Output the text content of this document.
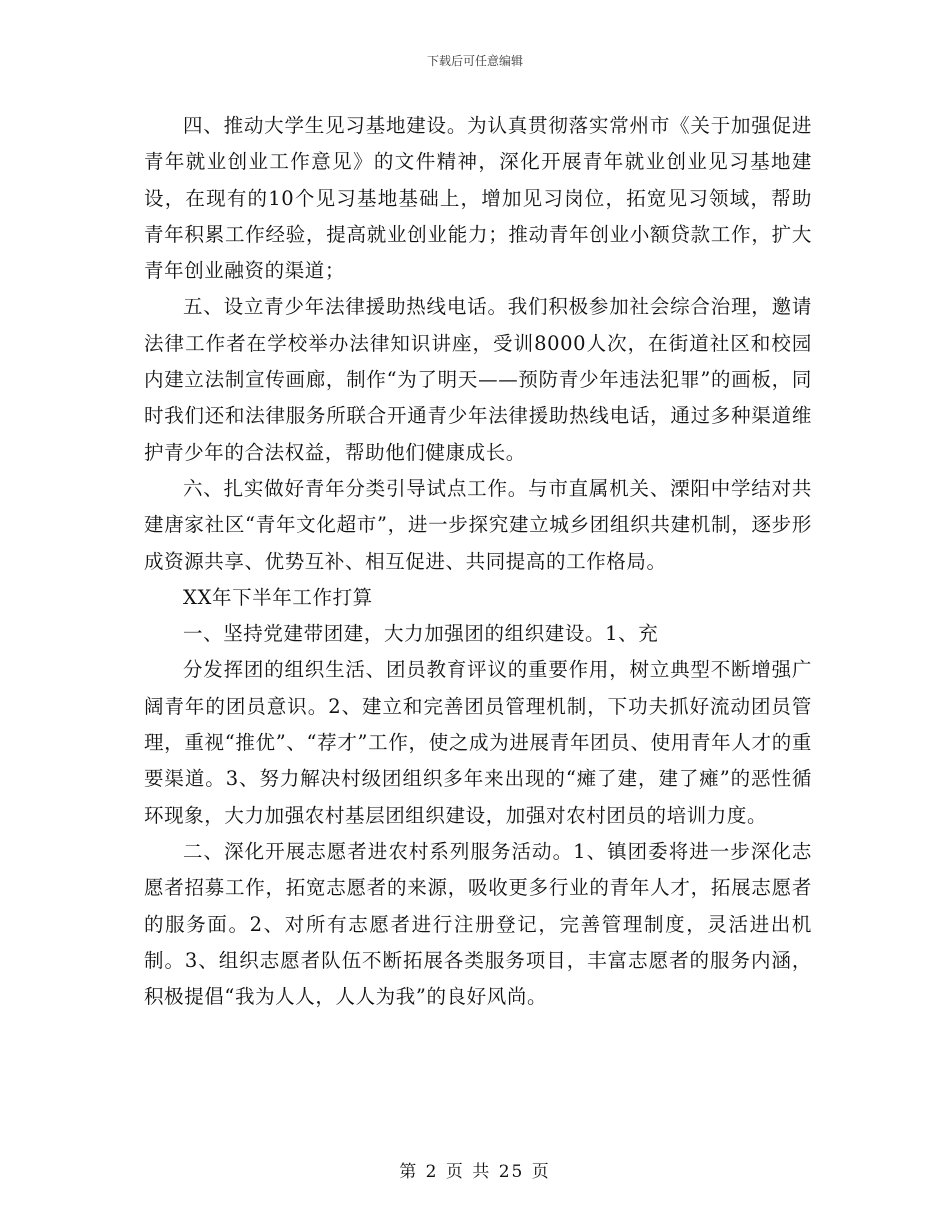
下载后可任意编辑

四、推动大学生见习基地建设。为认真贯彻落实常州市《关于加强促进青年就业创业工作意见》的文件精神，深化开展青年就业创业见习基地建设，在现有的10个见习基地基础上，增加见习岗位，拓宽见习领域，帮助青年积累工作经验，提高就业创业能力；推动青年创业小额贷款工作，扩大青年创业融资的渠道；

五、设立青少年法律援助热线电话。我们积极参加社会综合治理，邀请法律工作者在学校举办法律知识讲座，受训8000人次，在街道社区和校园内建立法制宣传画廊，制作“为了明天——预防青少年违法犯罪”的画板，同时我们还和法律服务所联合开通青少年法律援助热线电话，通过多种渠道维护青少年的合法权益，帮助他们健康成长。

六、扎实做好青年分类引导试点工作。与市直属机关、溧阳中学结对共建唐家社区“青年文化超市”，进一步探究建立城乡团组织共建机制，逐步形成资源共享、优势互补、相互促进、共同提高的工作格局。

XX年下半年工作打算

一、坚持党建带团建，大力加强团的组织建设。1、充

分发挥团的组织生活、团员教育评议的重要作用，树立典型不断增强广阔青年的团员意识。2、建立和完善团员管理机制，下功夫抓好流动团员管理，重视“推优”、“荐才”工作，使之成为进展青年团员、使用青年人才的重要渠道。3、努力解决村级团组织多年来出现的“瘫了建，建了瘫”的恶性循环现象，大力加强农村基层团组织建设，加强对农村团员的培训力度。

二、深化开展志愿者进农村系列服务活动。1、镇团委将进一步深化志愿者招募工作，拓宽志愿者的来源，吸收更多行业的青年人才，拓展志愿者的服务面。2、对所有志愿者进行注册登记，完善管理制度，灵活进出机制。3、组织志愿者队伍不断拓展各类服务项目，丰富志愿者的服务内涵，积极提倡“我为人人，人人为我”的良好风尚。

第 2 页 共 25 页
